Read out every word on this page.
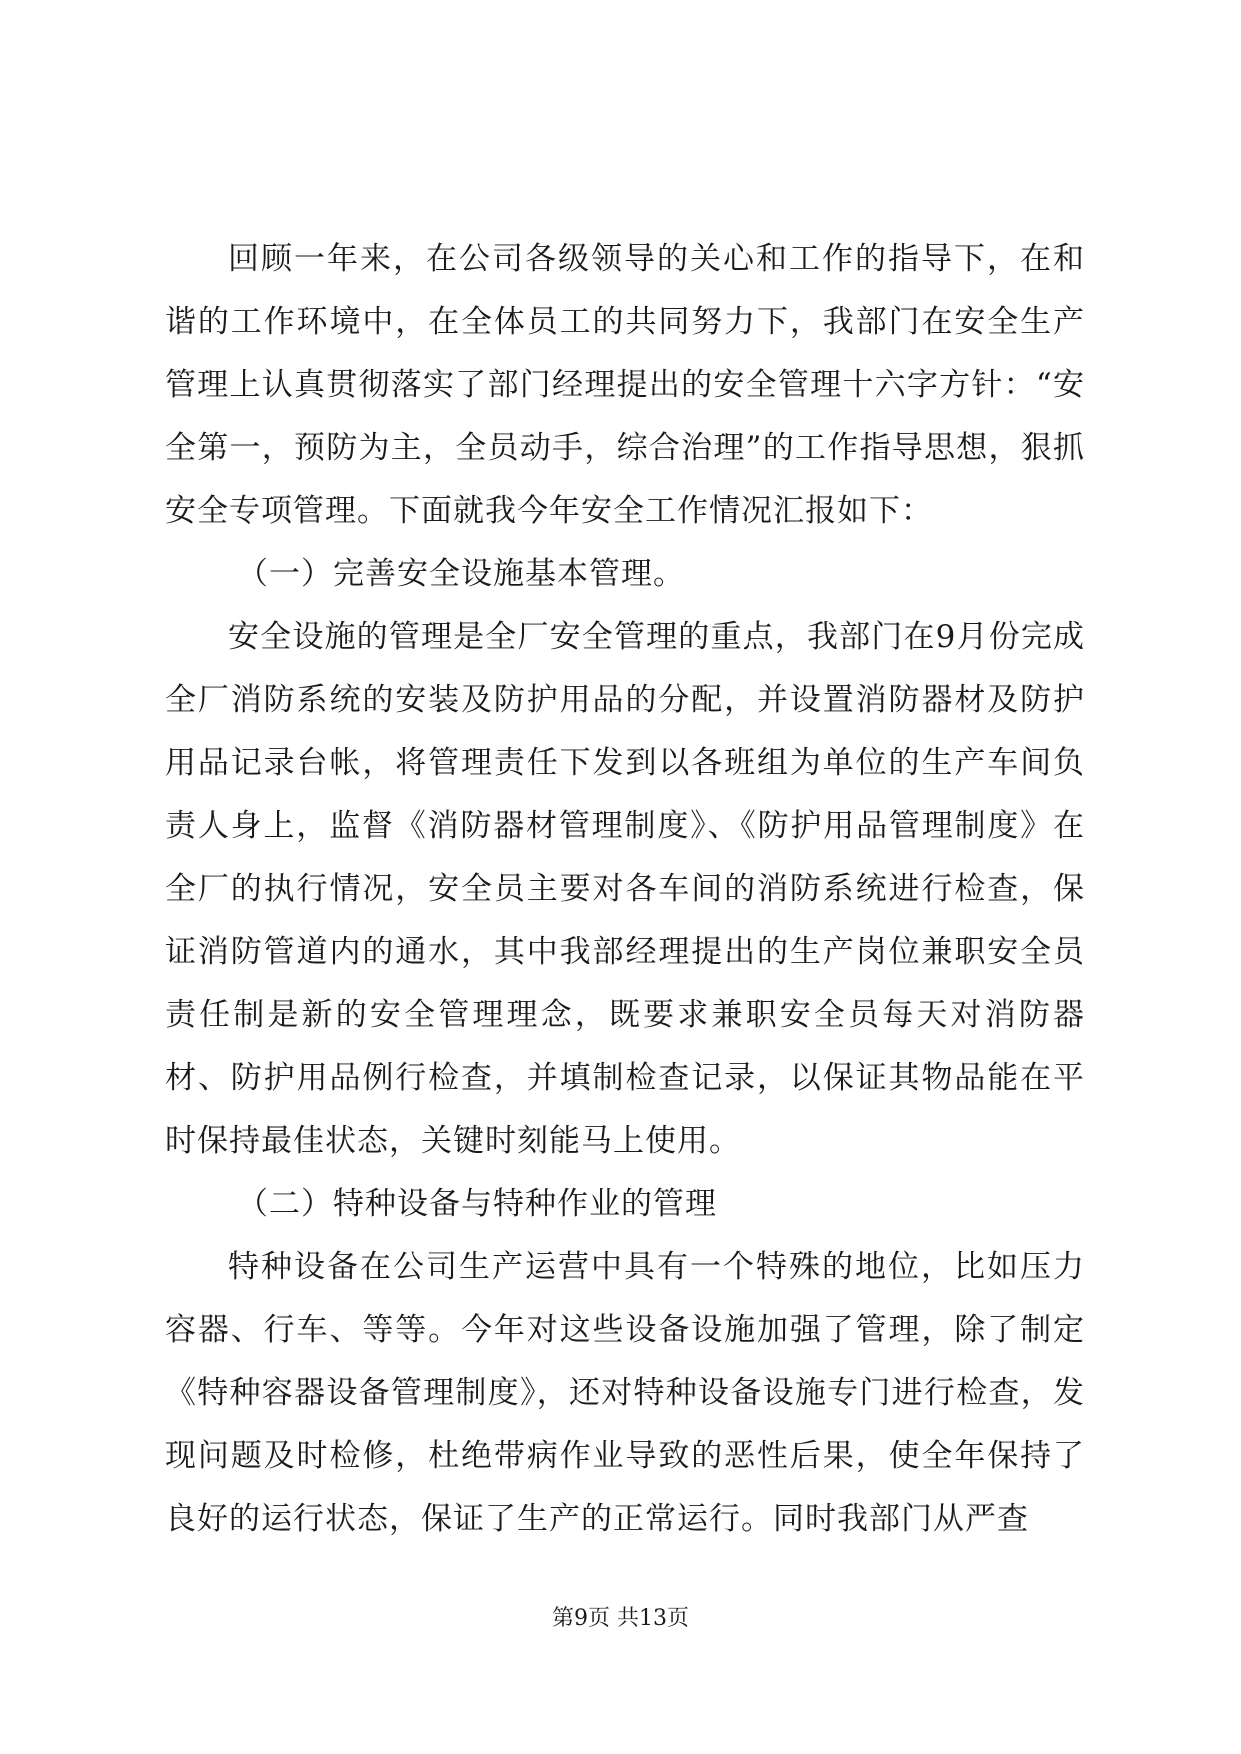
回顾一年来，在公司各级领导的关心和工作的指导下，在和谐的工作环境中，在全体员工的共同努力下，我部门在安全生产管理上认真贯彻落实了部门经理提出的安全管理十六字方针：“安全第一，预防为主，全员动手，综合治理”的工作指导思想，狠抓安全专项管理。下面就我今年安全工作情况汇报如下：

（一）完善安全设施基本管理。

安全设施的管理是全厂安全管理的重点，我部门在9月份完成全厂消防系统的安装及防护用品的分配，并设置消防器材及防护用品记录台帐，将管理责任下发到以各班组为单位的生产车间负责人身上，监督《消防器材管理制度》、《防护用品管理制度》在全厂的执行情况，安全员主要对各车间的消防系统进行检查，保证消防管道内的通水，其中我部经理提出的生产岗位兼职安全员责任制是新的安全管理理念，既要求兼职安全员每天对消防器材、防护用品例行检查，并填制检查记录，以保证其物品能在平时保持最佳状态，关键时刻能马上使用。

（二）特种设备与特种作业的管理

特种设备在公司生产运营中具有一个特殊的地位，比如压力容器、行车、等等。今年对这些设备设施加强了管理，除了制定《特种容器设备管理制度》，还对特种设备设施专门进行检查，发现问题及时检修，杜绝带病作业导致的恶性后果，使全年保持了良好的运行状态，保证了生产的正常运行。同时我部门从严查

第9页 共13页
